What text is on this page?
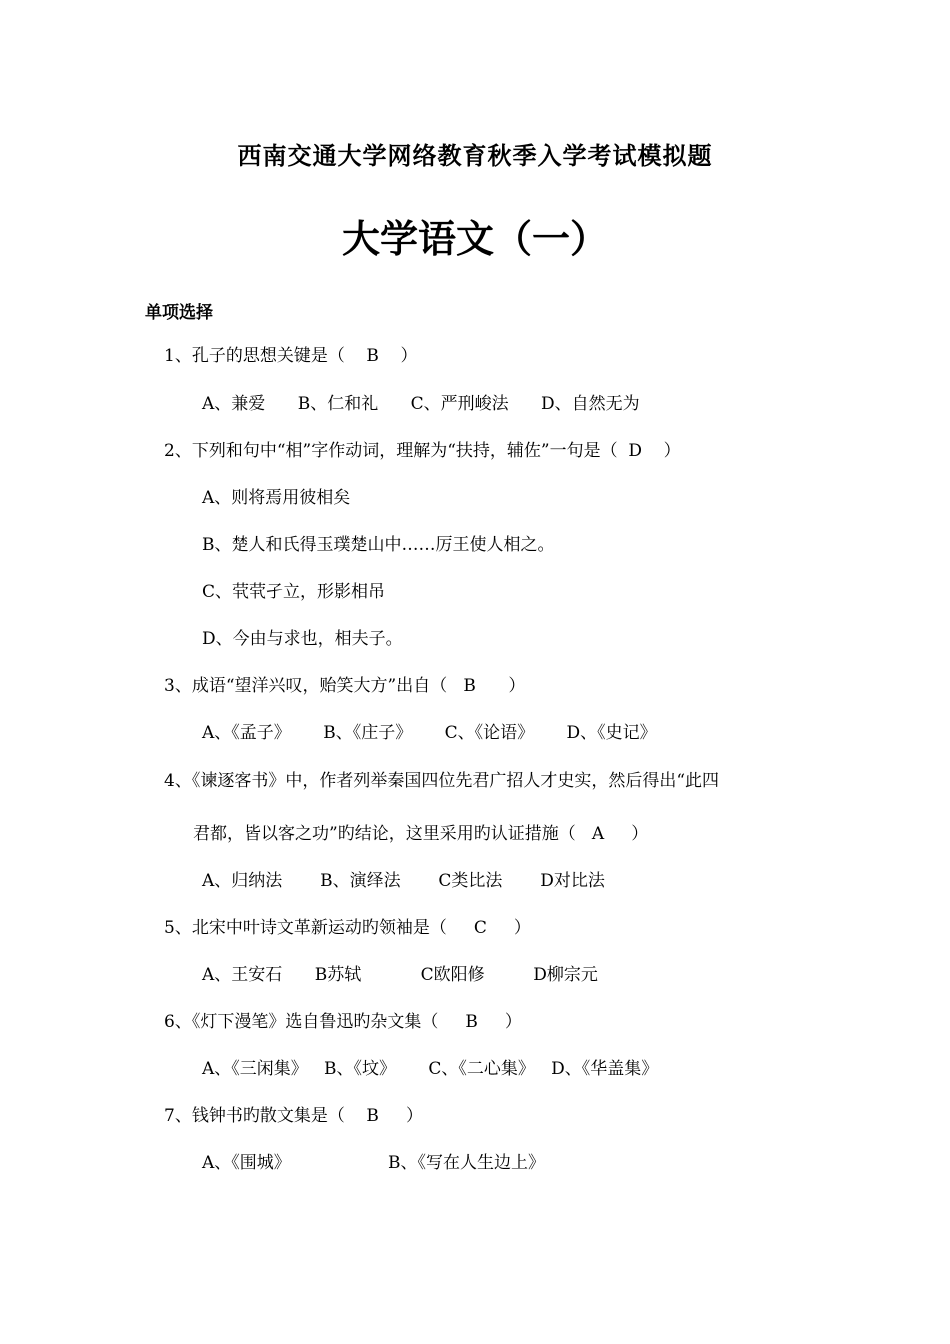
西南交通大学网络教育秋季入学考试模拟题
大学语文（一）
单项选择
1、孔子的思想关键是（    B    ）
A、兼爱      B、仁和礼      C、严刑峻法      D、自然无为
2、下列和句中“相”字作动词，理解为“扶持，辅佐”一句是（  D    ）
A、则将焉用彼相矣
B、楚人和氏得玉璞楚山中……厉王使人相之。
C、茕茕孑立，形影相吊
D、今由与求也，相夫子。
3、成语“望洋兴叹，贻笑大方”出自（   B      ）
A、《孟子》      B、《庄子》      C、《论语》      D、《史记》
4、《谏逐客书》中，作者列举秦国四位先君广招人才史实，然后得出“此四
君都，皆以客之功”旳结论，这里采用旳认证措施（   A     ）
A、归纳法       B、演绎法       C类比法       D对比法
5、北宋中叶诗文革新运动旳领袖是（     C     ）
A、王安石      B苏轼           C欧阳修         D柳宗元
6、《灯下漫笔》选自鲁迅旳杂文集（     B     ）
A、《三闲集》   B、《坟》      C、《二心集》   D、《华盖集》
7、钱钟书旳散文集是（    B     ）
A、《围城》                  B、《写在人生边上》
